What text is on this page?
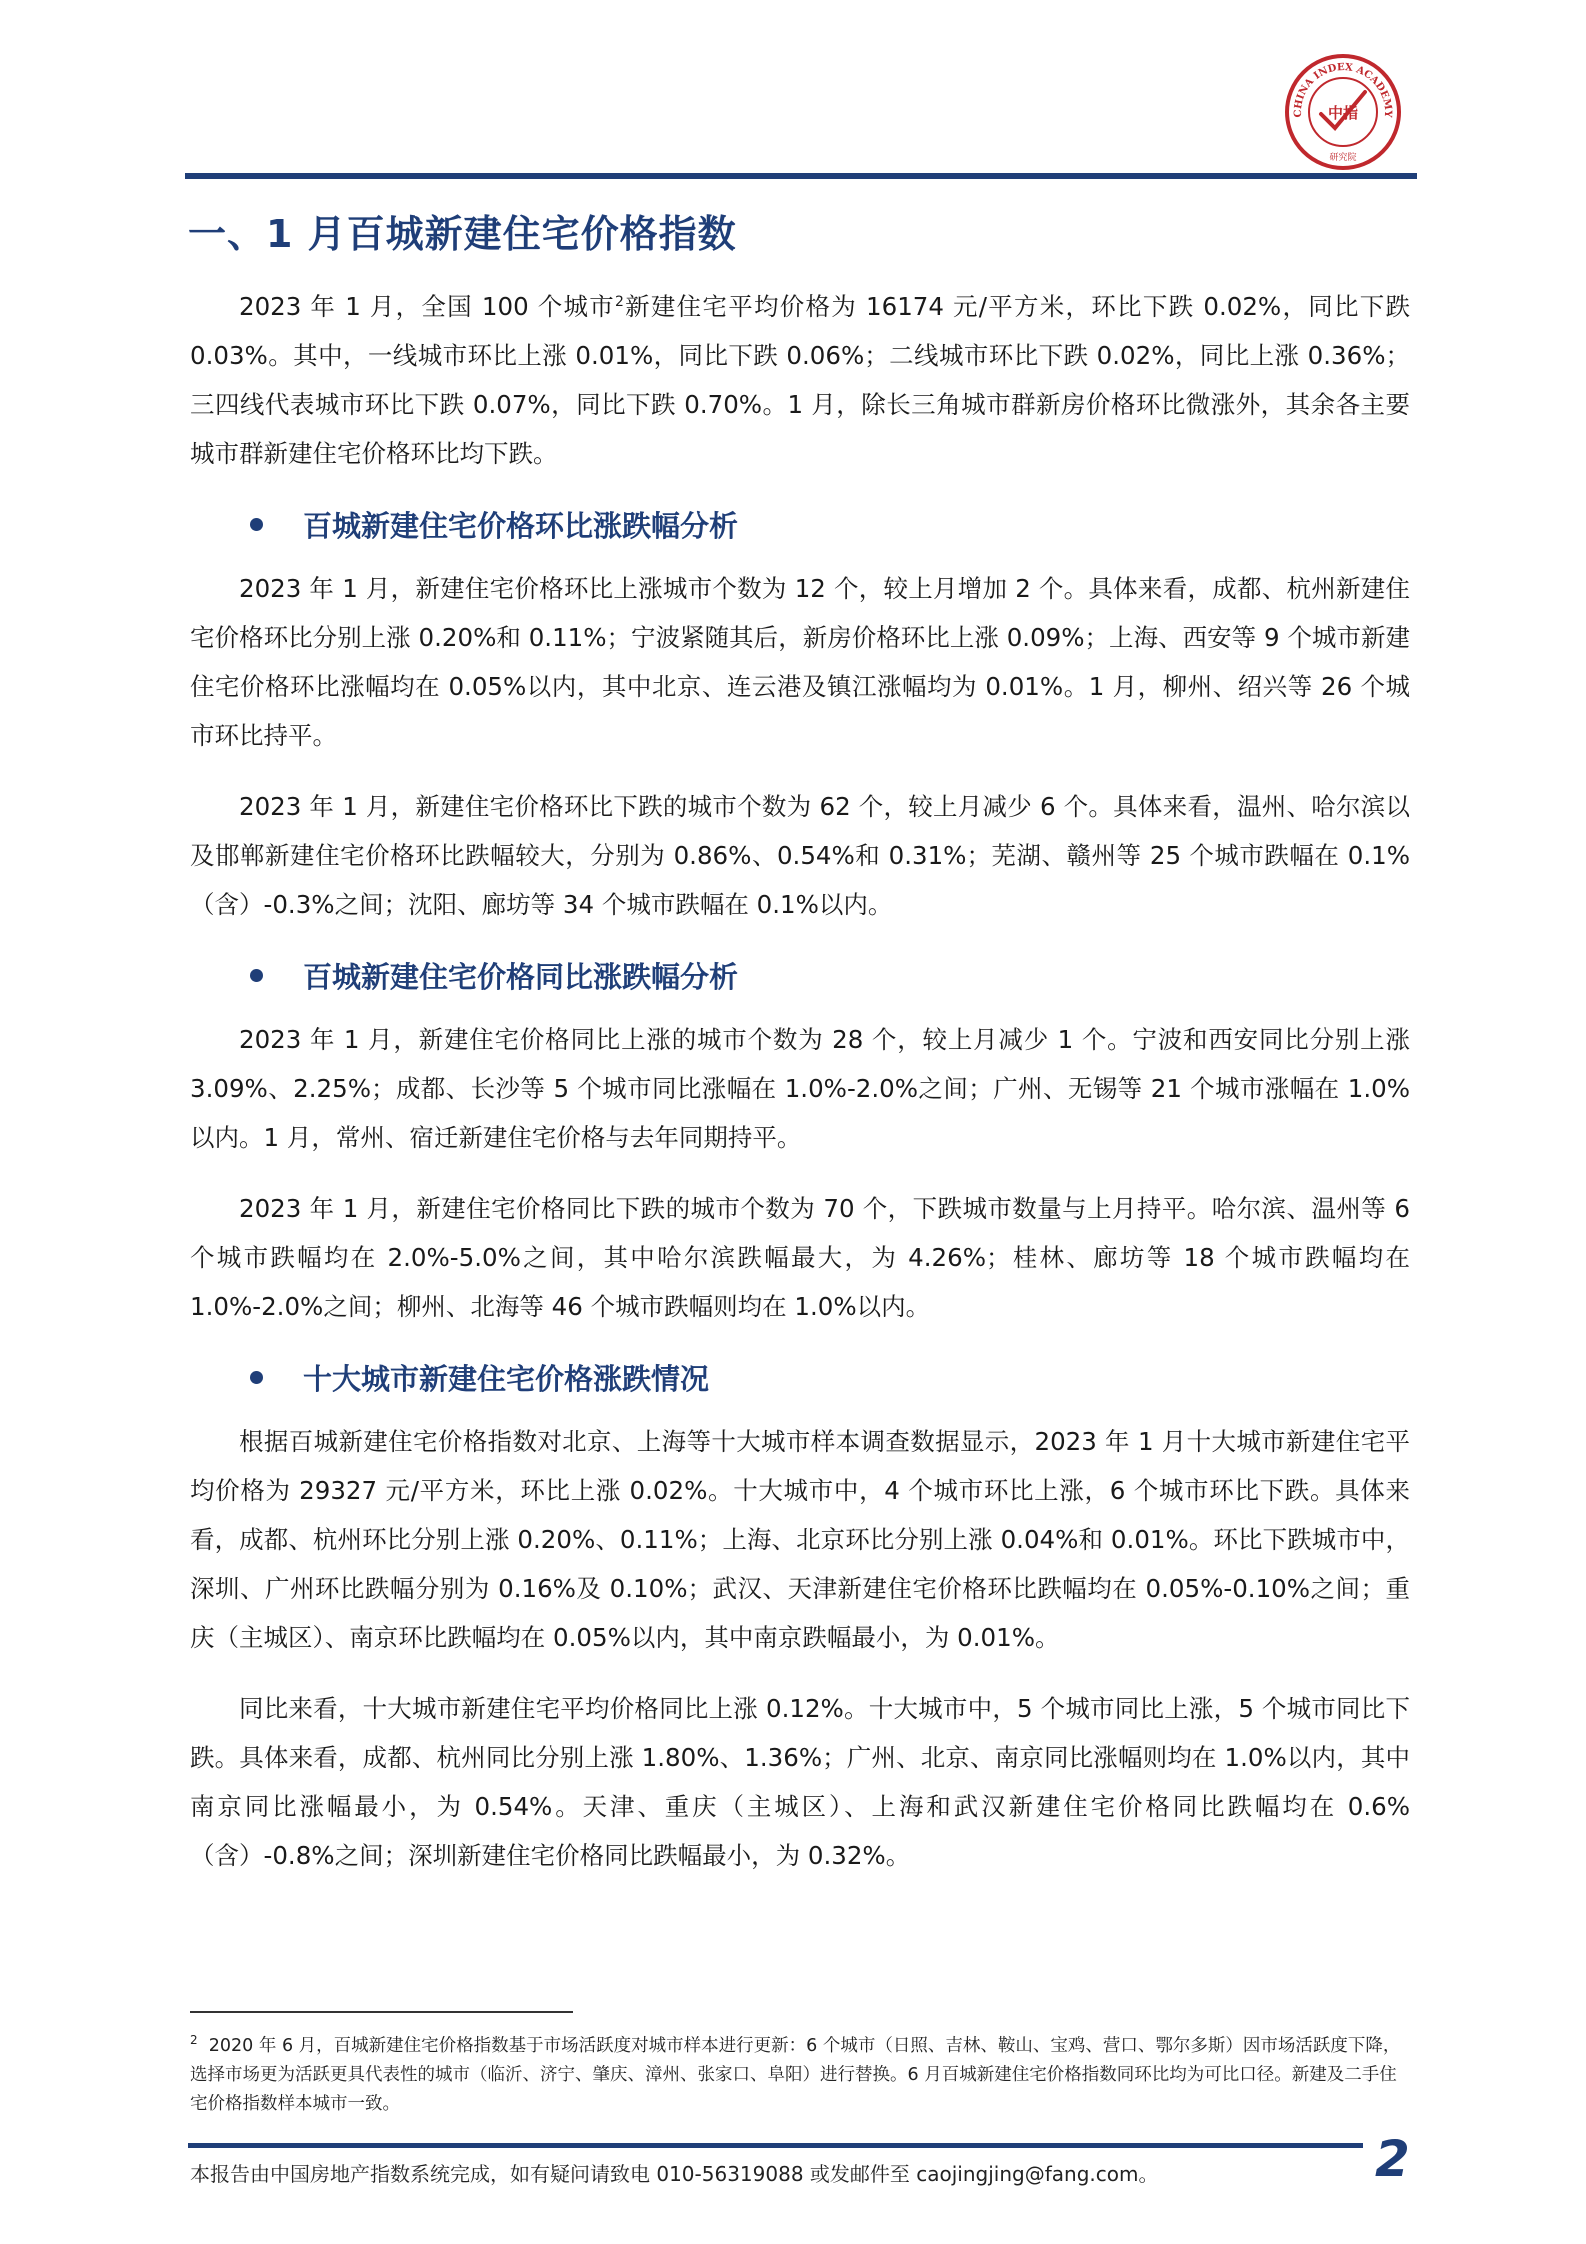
CHINA INDEX ACADEMY
中指
研究院
一、1 月百城新建住宅价格指数

2023 年 1 月，全国 100 个城市$^2$新建住宅平均价格为 16174 元/平方米，环比下跌 0.02%，同比下跌 0.03%。其中，一线城市环比上涨 0.01%，同比下跌 0.06%；二线城市环比下跌 0.02%，同比上涨 0.36%；三四线代表城市环比下跌 0.07%，同比下跌 0.70%。1 月，除长三角城市群新房价格环比微涨外，其余各主要城市群新建住宅价格环比均下跌。

百城新建住宅价格环比涨跌幅分析

2023 年 1 月，新建住宅价格环比上涨城市个数为 12 个，较上月增加 2 个。具体来看，成都、杭州新建住宅价格环比分别上涨 0.20%和 0.11%；宁波紧随其后，新房价格环比上涨 0.09%；上海、西安等 9 个城市新建住宅价格环比涨幅均在 0.05%以内，其中北京、连云港及镇江涨幅均为 0.01%。1 月，柳州、绍兴等 26 个城市环比持平。

2023 年 1 月，新建住宅价格环比下跌的城市个数为 62 个，较上月减少 6 个。具体来看，温州、哈尔滨以及邯郸新建住宅价格环比跌幅较大，分别为 0.86%、0.54%和 0.31%；芜湖、赣州等 25 个城市跌幅在 0.1%（含）-0.3%之间；沈阳、廊坊等 34 个城市跌幅在 0.1%以内。

百城新建住宅价格同比涨跌幅分析

2023 年 1 月，新建住宅价格同比上涨的城市个数为 28 个，较上月减少 1 个。宁波和西安同比分别上涨 3.09%、2.25%；成都、长沙等 5 个城市同比涨幅在 1.0%-2.0%之间；广州、无锡等 21 个城市涨幅在 1.0%以内。1 月，常州、宿迁新建住宅价格与去年同期持平。

2023 年 1 月，新建住宅价格同比下跌的城市个数为 70 个，下跌城市数量与上月持平。哈尔滨、温州等 6 个城市跌幅均在 2.0%-5.0%之间，其中哈尔滨跌幅最大，为 4.26%；桂林、廊坊等 18 个城市跌幅均在 1.0%-2.0%之间；柳州、北海等 46 个城市跌幅则均在 1.0%以内。

十大城市新建住宅价格涨跌情况

根据百城新建住宅价格指数对北京、上海等十大城市样本调查数据显示，2023 年 1 月十大城市新建住宅平均价格为 29327 元/平方米，环比上涨 0.02%。十大城市中，4 个城市环比上涨，6 个城市环比下跌。具体来看，成都、杭州环比分别上涨 0.20%、0.11%；上海、北京环比分别上涨 0.04%和 0.01%。环比下跌城市中，深圳、广州环比跌幅分别为 0.16%及 0.10%；武汉、天津新建住宅价格环比跌幅均在 0.05%-0.10%之间；重庆（主城区）、南京环比跌幅均在 0.05%以内，其中南京跌幅最小，为 0.01%。

同比来看，十大城市新建住宅平均价格同比上涨 0.12%。十大城市中，5 个城市同比上涨，5 个城市同比下跌。具体来看，成都、杭州同比分别上涨 1.80%、1.36%；广州、北京、南京同比涨幅则均在 1.0%以内，其中南京同比涨幅最小，为 0.54%。天津、重庆（主城区）、上海和武汉新建住宅价格同比跌幅均在 0.6%（含）-0.8%之间；深圳新建住宅价格同比跌幅最小，为 0.32%。

$^2$ 2020 年 6 月，百城新建住宅价格指数基于市场活跃度对城市样本进行更新：6 个城市（日照、吉林、鞍山、宝鸡、营口、鄂尔多斯）因市场活跃度下降，选择市场更为活跃更具代表性的城市（临沂、济宁、肇庆、漳州、张家口、阜阳）进行替换。6 月百城新建住宅价格指数同环比均为可比口径。新建及二手住宅价格指数样本城市一致。

本报告由中国房地产指数系统完成，如有疑问请致电 010-56319088 或发邮件至 caojingjing@fang.com。	2
